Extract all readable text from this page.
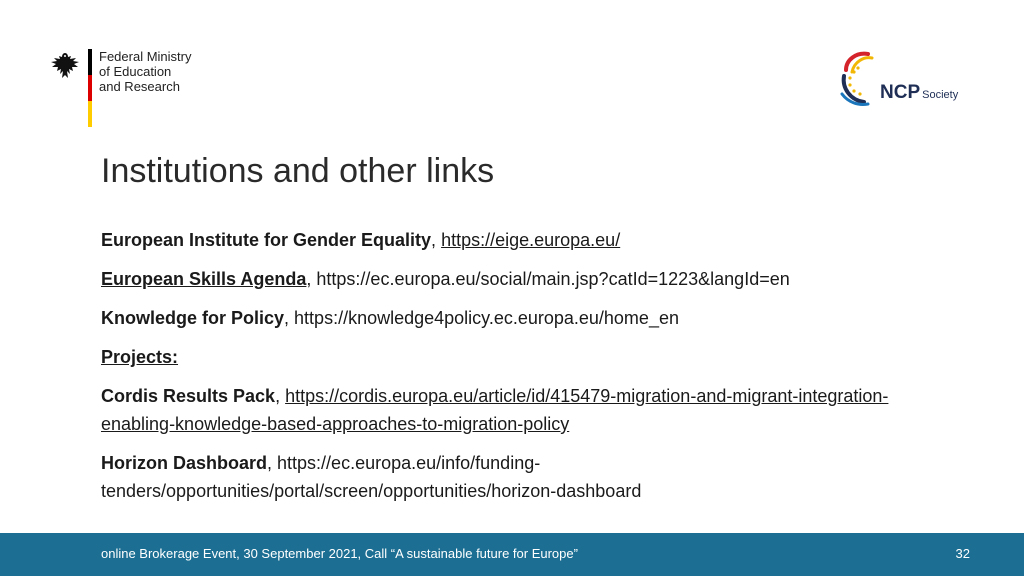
Federal Ministry
of Education
and Research	NCP Society
Institutions and other links

European Institute for Gender Equality, https://eige.europa.eu/

European Skills Agenda, https://ec.europa.eu/social/main.jsp?catId=1223&langId=en

Knowledge for Policy, https://knowledge4policy.ec.europa.eu/home_en

Projects:

Cordis Results Pack, https://cordis.europa.eu/article/id/415479-migration-and-migrant-integration-enabling-knowledge-based-approaches-to-migration-policy

Horizon Dashboard, https://ec.europa.eu/info/funding-tenders/opportunities/portal/screen/opportunities/horizon-dashboard

online Brokerage Event, 30 September 2021, Call “A sustainable future for Europe”	32
